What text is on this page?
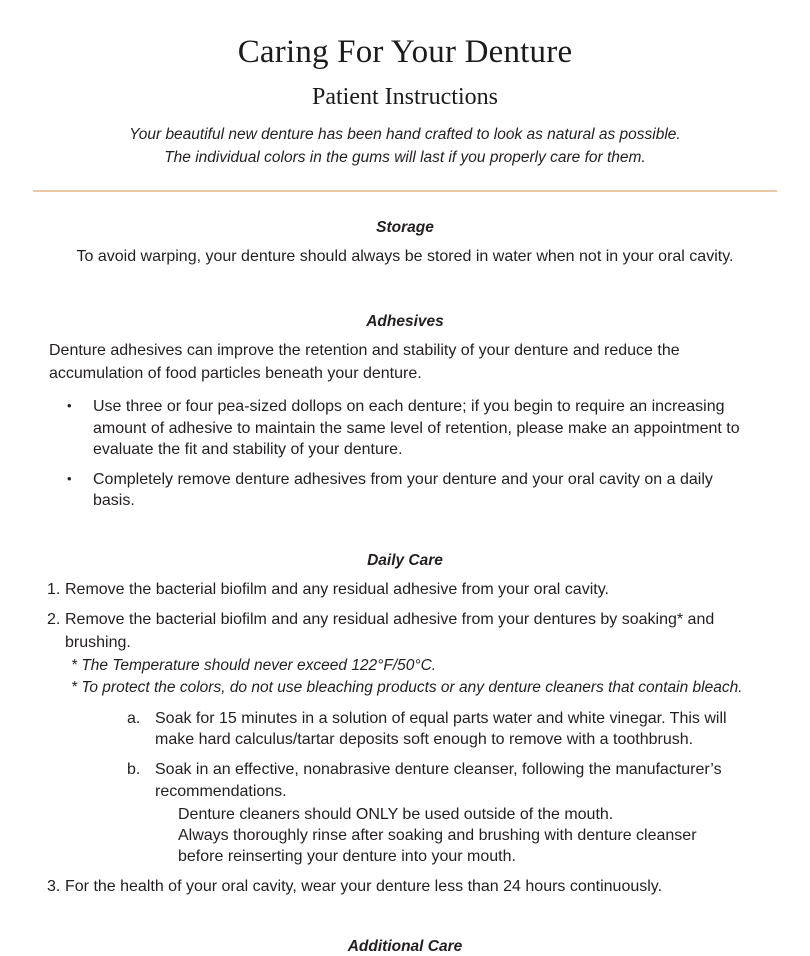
Caring For Your Denture
Patient Instructions

Your beautiful new denture has been hand crafted to look as natural as possible.
The individual colors in the gums will last if you properly care for them.

Storage

To avoid warping, your denture should always be stored in water when not in your oral cavity.

Adhesives

Denture adhesives can improve the retention and stability of your denture and reduce the accumulation of food particles beneath your denture.

• Use three or four pea-sized dollops on each denture; if you begin to require an increasing amount of adhesive to maintain the same level of retention, please make an appointment to evaluate the fit and stability of your denture.
• Completely remove denture adhesives from your denture and your oral cavity on a daily basis.
Daily Care
1. Remove the bacterial biofilm and any residual adhesive from your oral cavity.
2. Remove the bacterial biofilm and any residual adhesive from your dentures by soaking* and brushing.
* The Temperature should never exceed 122°F/50°C.
* To protect the colors, do not use bleaching products or any denture cleaners that contain bleach.
a. Soak for 15 minutes in a solution of equal parts water and white vinegar. This will make hard calculus/tartar deposits soft enough to remove with a toothbrush.
b. Soak in an effective, nonabrasive denture cleanser, following the manufacturer’s recommendations.
Denture cleaners should ONLY be used outside of the mouth.
Always thoroughly rinse after soaking and brushing with denture cleanser before reinserting your denture into your mouth.
3. For the health of your oral cavity, wear your denture less than 24 hours continuously.
Additional Care
